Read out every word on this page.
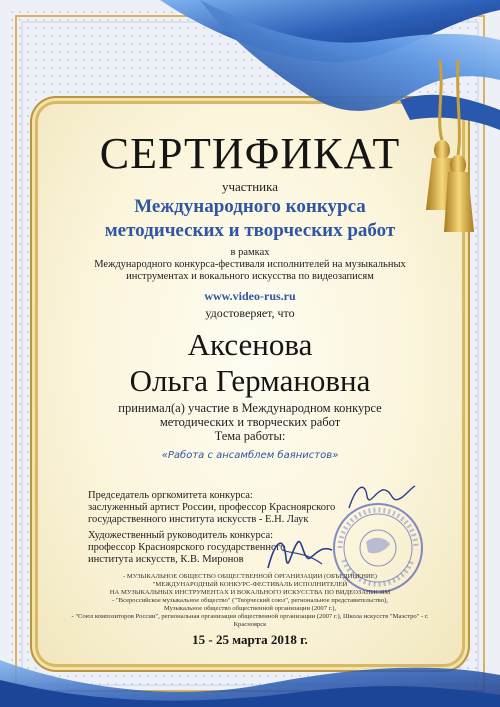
СЕРТИФИКАТ
участника
Международного конкурса
методических и творческих работ
в рамках
Международного конкурса-фестиваля исполнителей на музыкальных
инструментах и вокального искусства по видеозаписям
www.video-rus.ru
удостоверяет, что
Аксенова
Ольга Германовна
принимал(а) участие в Международном конкурсе
методических и творческих работ
Тема работы:
«Работа с ансамблем баянистов»
Председатель оргкомитета конкурса:
заслуженный артист России, профессор Красноярского
государственного института искусств - Е.Н. Лаук
Художественный руководитель конкурса:
профессор Красноярского государственного
института искусств, К.В. Миронов
- МУЗЫКАЛЬНОЕ ОБЩЕСТВО ОБЩЕСТВЕННОЙ ОРГАНИЗАЦИИ (ОБЪЕДИНЕНИЕ)
"МЕЖДУНАРОДНЫЙ КОНКУРС-ФЕСТИВАЛЬ ИСПОЛНИТЕЛЕЙ
НА МУЗЫКАЛЬНЫХ ИНСТРУМЕНТАХ И ВОКАЛЬНОГО ИСКУССТВА ПО ВИДЕОЗАПИСЯМ
- "Всероссийское музыкальное общество" ("Творческий союз", региональное представительство),
Музыкальное общество общественной организации (2007 г.),
- "Союз композиторов России", региональная организация общественной организации (2007 г.), Школа искусств "Маэстро" - г. Красноярск
15 - 25 марта 2018 г.
